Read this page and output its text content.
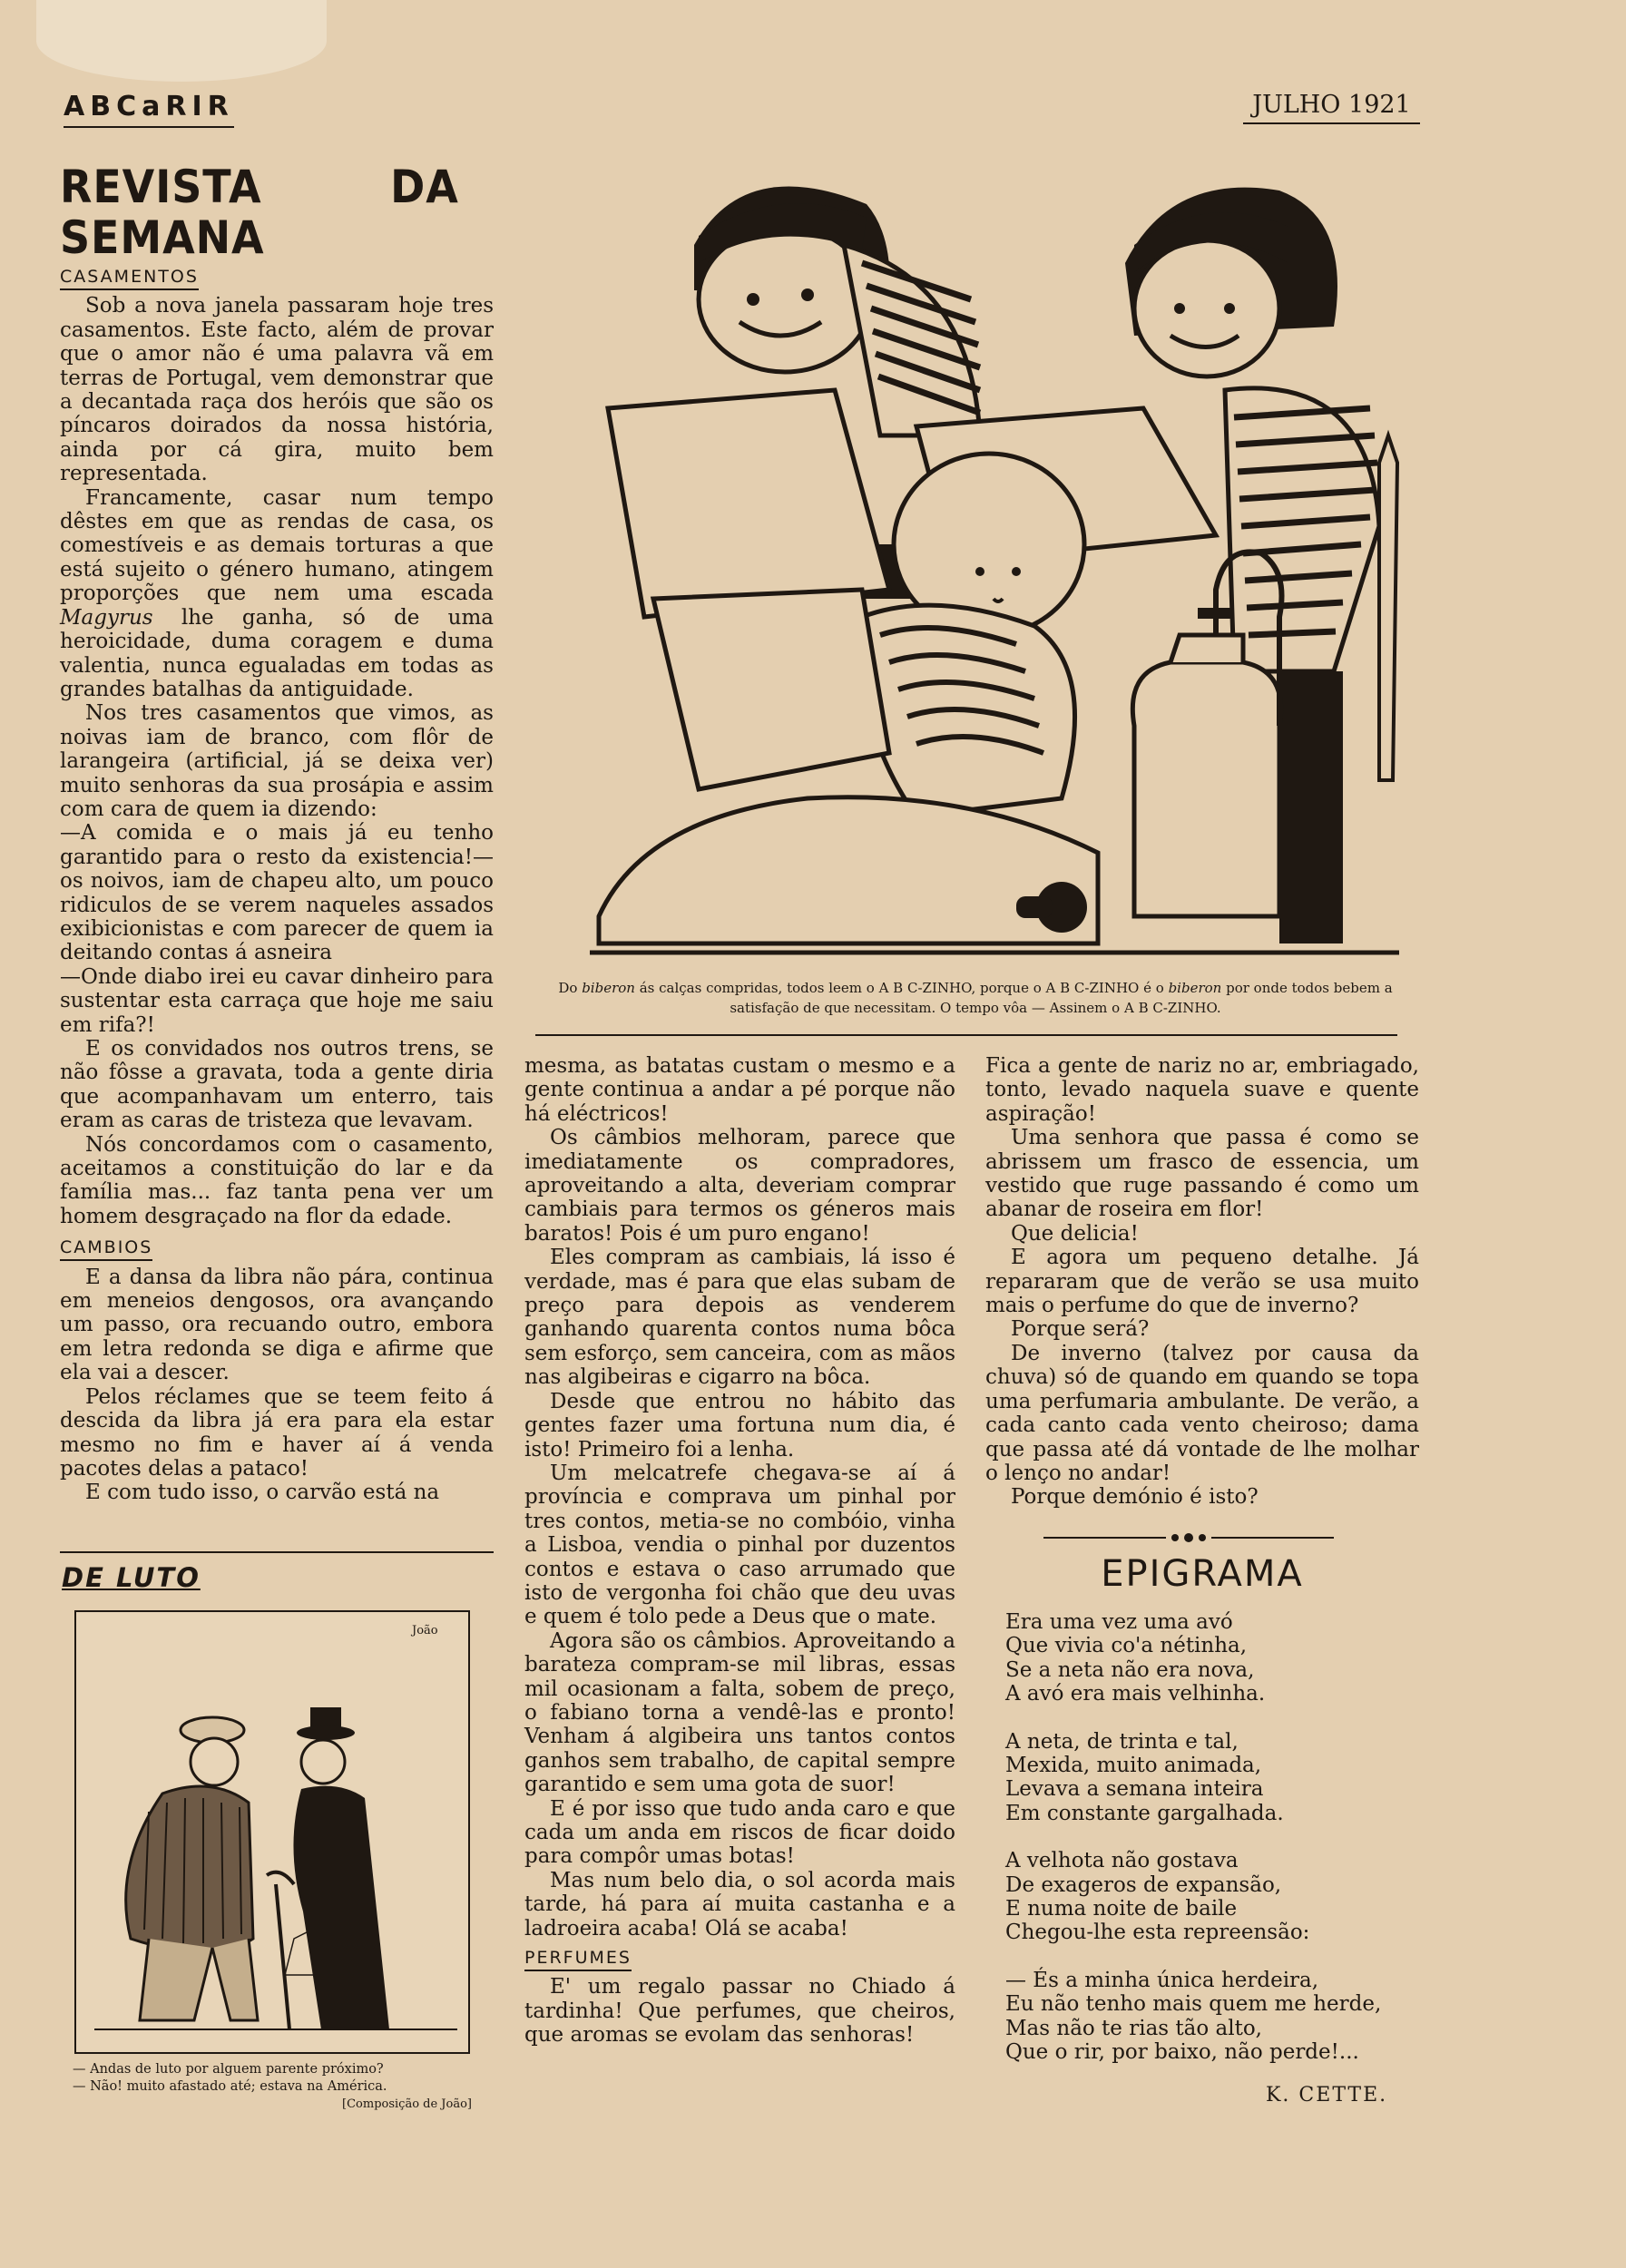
ABCaRIR	JULHO 1921
REVISTA DA SEMANA
CASAMENTOS

Sob a nova janela passaram hoje tres casamentos. Este facto, além de provar que o amor não é uma palavra vã em terras de Portugal, vem demonstrar que a decantada raça dos heróis que são os píncaros doirados da nossa história, ainda por cá gira, muito bem representada.

Francamente, casar num tempo dêstes em que as rendas de casa, os comestíveis e as demais torturas a que está sujeito o género humano, atingem proporções que nem uma escada Magyrus lhe ganha, só de uma heroicidade, duma coragem e duma valentia, nunca egualadas em todas as grandes batalhas da antiguidade.

Nos tres casamentos que vimos, as noivas iam de branco, com flôr de larangeira (artificial, já se deixa ver) muito senhoras da sua prosápia e assim com cara de quem ia dizendo:

—A comida e o mais já eu tenho garantido para o resto da existencia!— os noivos, iam de chapeu alto, um pouco ridiculos de se verem naqueles assados exibicionistas e com parecer de quem ia deitando contas á asneira

—Onde diabo irei eu cavar dinheiro para sustentar esta carraça que hoje me saiu em rifa?!

E os convidados nos outros trens, se não fôsse a gravata, toda a gente diria que acompanhavam um enterro, tais eram as caras de tristeza que levavam.

Nós concordamos com o casamento, aceitamos a constituição do lar e da família mas... faz tanta pena ver um homem desgraçado na flor da edade.

CAMBIOS

E a dansa da libra não pára, continua em meneios dengosos, ora avançando um passo, ora recuando outro, embora em letra redonda se diga e afirme que ela vai a descer.

Pelos réclames que se teem feito á descida da libra já era para ela estar mesmo no fim e haver aí á venda pacotes delas a pataco!

E com tudo isso, o carvão está na

DE LUTO
João
— Andas de luto por alguem parente próximo?
— Não! muito afastado até; estava na América.
[Composição de João]
Do biberon ás calças compridas, todos leem o A B C-ZINHO, porque o A B C-ZINHO é o biberon por onde todos bebem a satisfação de que necessitam. O tempo vôa — Assinem o A B C-ZINHO.

mesma, as batatas custam o mesmo e a gente continua a andar a pé porque não há eléctricos!

Os câmbios melhoram, parece que imediatamente os compradores, aproveitando a alta, deveriam comprar cambiais para termos os géneros mais baratos! Pois é um puro engano!

Eles compram as cambiais, lá isso é verdade, mas é para que elas subam de preço para depois as venderem ganhando quarenta contos numa bôca sem esforço, sem canceira, com as mãos nas algibeiras e cigarro na bôca.

Desde que entrou no hábito das gentes fazer uma fortuna num dia, é isto! Primeiro foi a lenha.

Um melcatrefe chegava-se aí á província e comprava um pinhal por tres contos, metia-se no combóio, vinha a Lisboa, vendia o pinhal por duzentos contos e estava o caso arrumado que isto de vergonha foi chão que deu uvas e quem é tolo pede a Deus que o mate.

Agora são os câmbios. Aproveitando a barateza compram-se mil libras, essas mil ocasionam a falta, sobem de preço, o fabiano torna a vendê-las e pronto! Venham á algibeira uns tantos contos ganhos sem trabalho, de capital sempre garantido e sem uma gota de suor!

E é por isso que tudo anda caro e que cada um anda em riscos de ficar doido para compôr umas botas!

Mas num belo dia, o sol acorda mais tarde, há para aí muita castanha e a ladroeira acaba! Olá se acaba!

PERFUMES

E' um regalo passar no Chiado á tardinha! Que perfumes, que cheiros, que aromas se evolam das senhoras!

Fica a gente de nariz no ar, embriagado, tonto, levado naquela suave e quente aspiração!

Uma senhora que passa é como se abrissem um frasco de essencia, um vestido que ruge passando é como um abanar de roseira em flor!

Que delicia!

E agora um pequeno detalhe. Já repararam que de verão se usa muito mais o perfume do que de inverno?

Porque será?

De inverno (talvez por causa da chuva) só de quando em quando se topa uma perfumaria ambulante. De verão, a cada canto cada vento cheiroso; dama que passa até dá vontade de lhe molhar o lenço no andar!

Porque demónio é isto?

EPIGRAMA
Era uma vez uma avó
Que vivia co'a nétinha,
Se a neta não era nova,
A avó era mais velhinha.
A neta, de trinta e tal,
Mexida, muito animada,
Levava a semana inteira
Em constante gargalhada.
A velhota não gostava
De exageros de expansão,
E numa noite de baile
Chegou-lhe esta repreensão:
— És a minha única herdeira,
Eu não tenho mais quem me herde,
Mas não te rias tão alto,
Que o rir, por baixo, não perde!...
K. CETTE.
